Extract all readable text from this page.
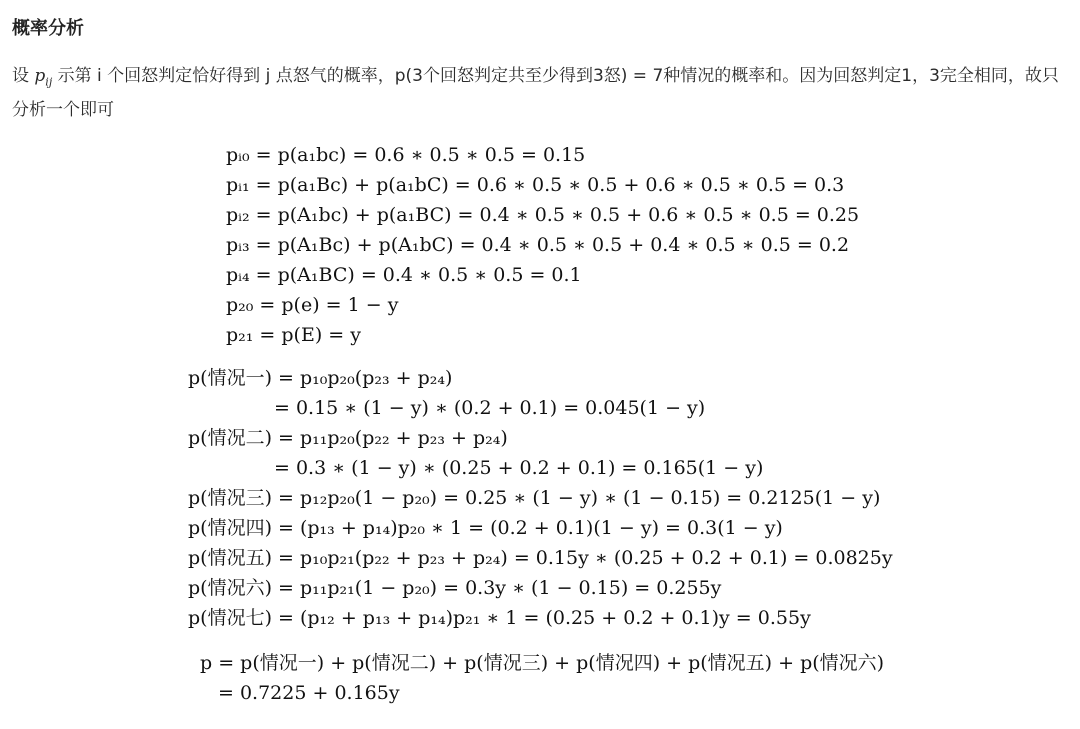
概率分析
设 $p_{ij}$ 示第 i 个回怒判定恰好得到 j 点怒气的概率，p(3个回怒判定共至少得到3怒) = 7种情况的概率和。因为回怒判定1，3完全相同，故只分析一个即可
pᵢ₀ = p(a₁bc) = 0.6 ∗ 0.5 ∗ 0.5 = 0.15
pᵢ₁ = p(a₁Bc) + p(a₁bC) = 0.6 ∗ 0.5 ∗ 0.5 + 0.6 ∗ 0.5 ∗ 0.5 = 0.3
pᵢ₂ = p(A₁bc) + p(a₁BC) = 0.4 ∗ 0.5 ∗ 0.5 + 0.6 ∗ 0.5 ∗ 0.5 = 0.25
pᵢ₃ = p(A₁Bc) + p(A₁bC) = 0.4 ∗ 0.5 ∗ 0.5 + 0.4 ∗ 0.5 ∗ 0.5 = 0.2
pᵢ₄ = p(A₁BC) = 0.4 ∗ 0.5 ∗ 0.5 = 0.1
p₂₀ = p(e) = 1 − y
p₂₁ = p(E) = y
p(情况一) = p₁₀p₂₀(p₂₃ + p₂₄)
= 0.15 ∗ (1 − y) ∗ (0.2 + 0.1) = 0.045(1 − y)
p(情况二) = p₁₁p₂₀(p₂₂ + p₂₃ + p₂₄)
= 0.3 ∗ (1 − y) ∗ (0.25 + 0.2 + 0.1) = 0.165(1 − y)
p(情况三) = p₁₂p₂₀(1 − p₂₀) = 0.25 ∗ (1 − y) ∗ (1 − 0.15) = 0.2125(1 − y)
p(情况四) = (p₁₃ + p₁₄)p₂₀ ∗ 1 = (0.2 + 0.1)(1 − y) = 0.3(1 − y)
p(情况五) = p₁₀p₂₁(p₂₂ + p₂₃ + p₂₄) = 0.15y ∗ (0.25 + 0.2 + 0.1) = 0.0825y
p(情况六) = p₁₁p₂₁(1 − p₂₀) = 0.3y ∗ (1 − 0.15) = 0.255y
p(情况七) = (p₁₂ + p₁₃ + p₁₄)p₂₁ ∗ 1 = (0.25 + 0.2 + 0.1)y = 0.55y
p = p(情况一) + p(情况二) + p(情况三) + p(情况四) + p(情况五) + p(情况六)
= 0.7225 + 0.165y
